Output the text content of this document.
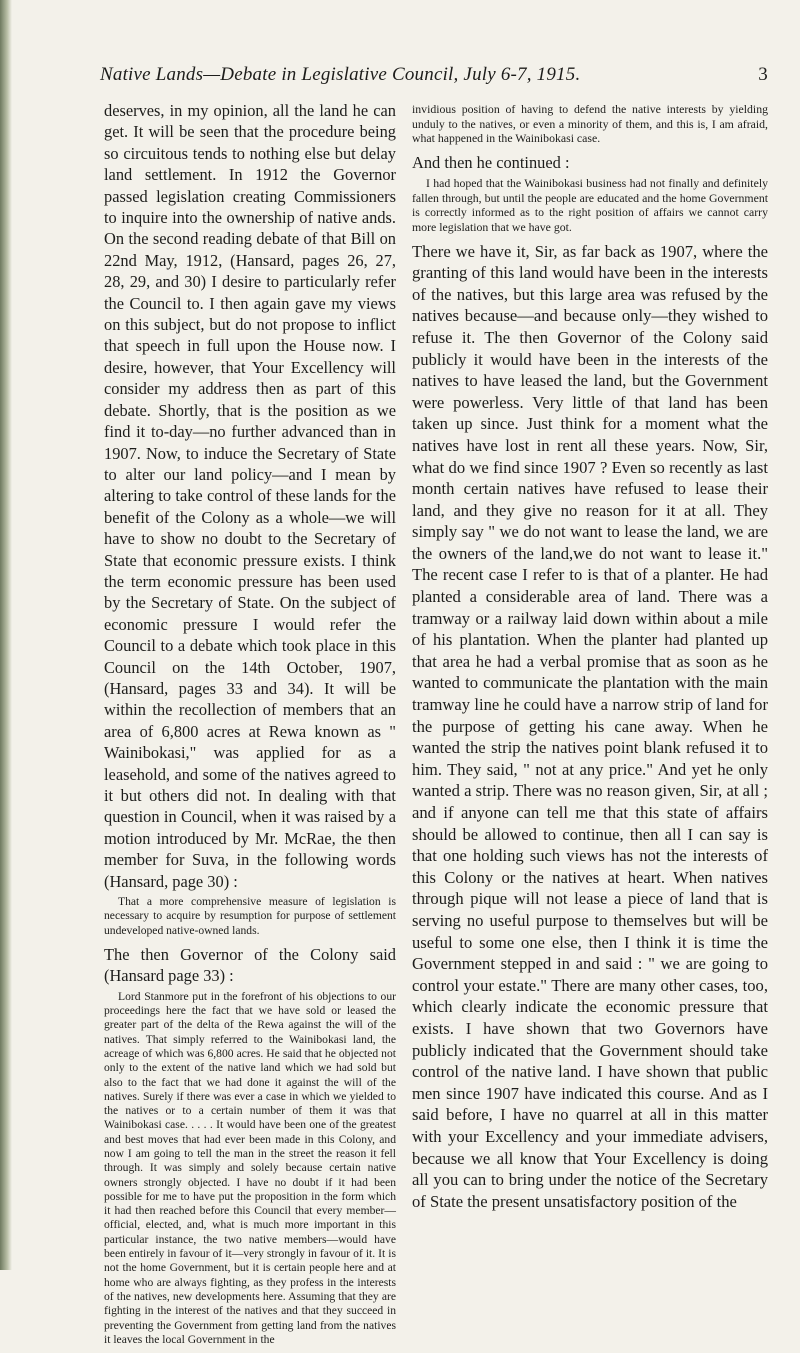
Native Lands—Debate in Legislative Council, July 6-7, 1915.	3

deserves, in my opinion, all the land he can get. It will be seen that the procedure being so circuitous tends to nothing else but delay land settlement. In 1912 the Governor passed legislation creating Commissioners to inquire into the ownership of native ands. On the second reading debate of that Bill on 22nd May, 1912, (Hansard, pages 26, 27, 28, 29, and 30) I desire to particularly refer the Council to. I then again gave my views on this subject, but do not propose to inflict that speech in full upon the House now. I desire, however, that Your Excellency will consider my address then as part of this debate. Shortly, that is the position as we find it to-day—no further advanced than in 1907. Now, to induce the Secretary of State to alter our land policy—and I mean by altering to take control of these lands for the benefit of the Colony as a whole—we will have to show no doubt to the Secretary of State that economic pressure exists. I think the term economic pressure has been used by the Secretary of State. On the subject of economic pressure I would refer the Council to a debate which took place in this Council on the 14th October, 1907, (Hansard, pages 33 and 34). It will be within the recollection of members that an area of 6,800 acres at Rewa known as " Wainibokasi," was applied for as a leasehold, and some of the natives agreed to it but others did not. In dealing with that question in Council, when it was raised by a motion introduced by Mr. McRae, the then member for Suva, in the following words (Hansard, page 30) :

That a more comprehensive measure of legislation is necessary to acquire by resumption for purpose of settlement undeveloped native-owned lands.

The then Governor of the Colony said (Hansard page 33) :

Lord Stanmore put in the forefront of his objections to our proceedings here the fact that we have sold or leased the greater part of the delta of the Rewa against the will of the natives. That simply referred to the Wainibokasi land, the acreage of which was 6,800 acres. He said that he objected not only to the extent of the native land which we had sold but also to the fact that we had done it against the will of the natives. Surely if there was ever a case in which we yielded to the natives or to a certain number of them it was that Wainibokasi case. . . . . It would have been one of the greatest and best moves that had ever been made in this Colony, and now I am going to tell the man in the street the reason it fell through. It was simply and solely because certain native owners strongly objected. I have no doubt if it had been possible for me to have put the proposition in the form which it had then reached before this Council that every member—official, elected, and, what is much more important in this particular instance, the two native members—would have been entirely in favour of it—very strongly in favour of it. It is not the home Government, but it is certain people here and at home who are always fighting, as they profess in the interests of the natives, new developments here. Assuming that they are fighting in the interest of the natives and that they succeed in preventing the Government from getting land from the natives it leaves the local Government in the

invidious position of having to defend the native interests by yielding unduly to the natives, or even a minority of them, and this is, I am afraid, what happened in the Wainibokasi case.

And then he continued :

I had hoped that the Wainibokasi business had not finally and definitely fallen through, but until the people are educated and the home Government is correctly informed as to the right position of affairs we cannot carry more legislation that we have got.

There we have it, Sir, as far back as 1907, where the granting of this land would have been in the interests of the natives, but this large area was refused by the natives because—and because only—they wished to refuse it. The then Governor of the Colony said publicly it would have been in the interests of the natives to have leased the land, but the Government were powerless. Very little of that land has been taken up since. Just think for a moment what the natives have lost in rent all these years. Now, Sir, what do we find since 1907 ? Even so recently as last month certain natives have refused to lease their land, and they give no reason for it at all. They simply say " we do not want to lease the land, we are the owners of the land,we do not want to lease it." The recent case I refer to is that of a planter. He had planted a considerable area of land. There was a tramway or a railway laid down within about a mile of his plantation. When the planter had planted up that area he had a verbal promise that as soon as he wanted to communicate the plantation with the main tramway line he could have a narrow strip of land for the purpose of getting his cane away. When he wanted the strip the natives point blank refused it to him. They said, " not at any price." And yet he only wanted a strip. There was no reason given, Sir, at all ; and if anyone can tell me that this state of affairs should be allowed to continue, then all I can say is that one holding such views has not the interests of this Colony or the natives at heart. When natives through pique will not lease a piece of land that is serving no useful purpose to themselves but will be useful to some one else, then I think it is time the Government stepped in and said : " we are going to control your estate." There are many other cases, too, which clearly indicate the economic pressure that exists. I have shown that two Governors have publicly indicated that the Government should take control of the native land. I have shown that public men since 1907 have indicated this course. And as I said before, I have no quarrel at all in this matter with your Excellency and your immediate advisers, because we all know that Your Excellency is doing all you can to bring under the notice of the Secretary of State the present unsatisfactory position of the
